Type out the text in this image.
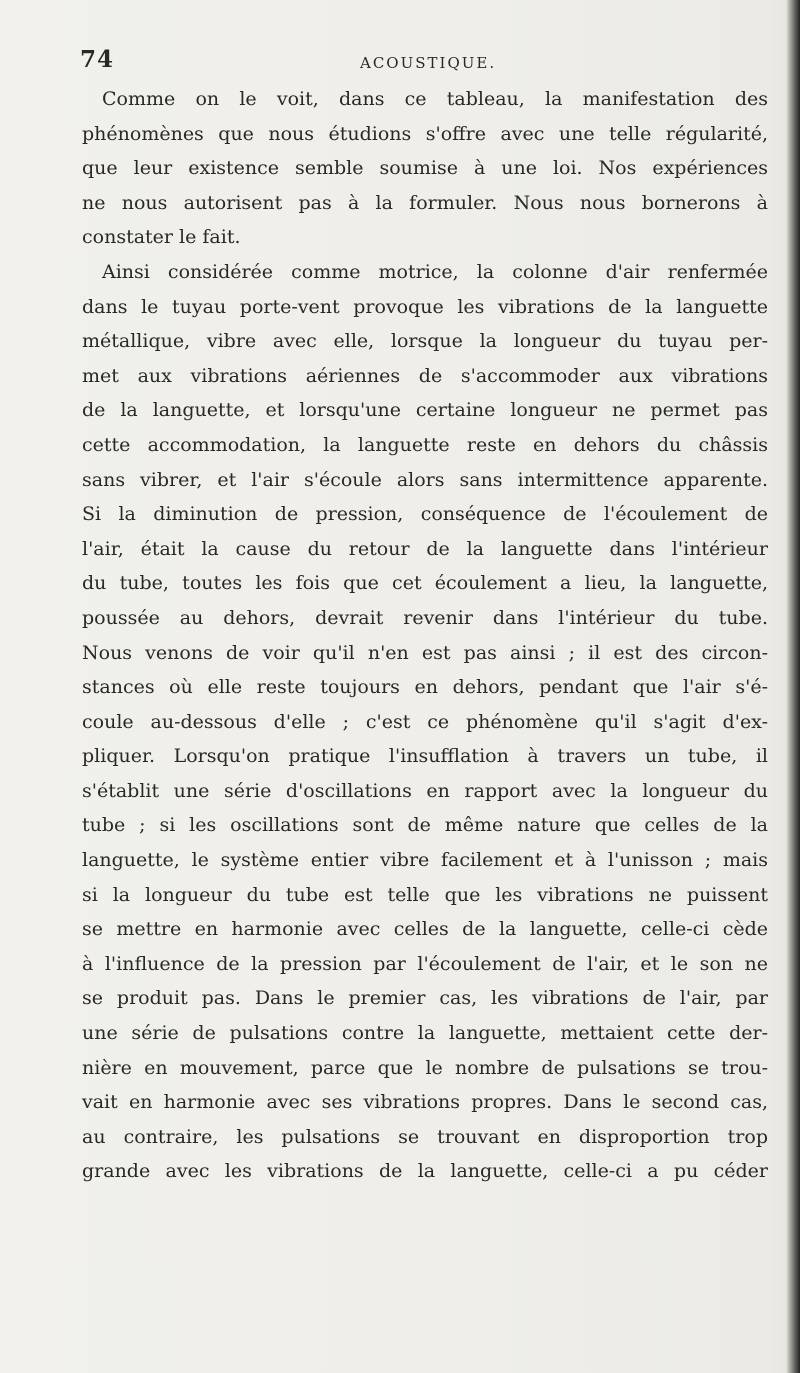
74	ACOUSTIQUE.
Comme on le voit, dans ce tableau, la manifestation des
phénomènes que nous étudions s'offre avec une telle régularité,
que leur existence semble soumise à une loi. Nos expériences
ne nous autorisent pas à la formuler. Nous nous bornerons à
constater le fait.
Ainsi considérée comme motrice, la colonne d'air renfermée
dans le tuyau porte-vent provoque les vibrations de la languette
métallique, vibre avec elle, lorsque la longueur du tuyau per-
met aux vibrations aériennes de s'accommoder aux vibrations
de la languette, et lorsqu'une certaine longueur ne permet pas
cette accommodation, la languette reste en dehors du châssis
sans vibrer, et l'air s'écoule alors sans intermittence apparente.
Si la diminution de pression, conséquence de l'écoulement de
l'air, était la cause du retour de la languette dans l'intérieur
du tube, toutes les fois que cet écoulement a lieu, la languette,
poussée au dehors, devrait revenir dans l'intérieur du tube.
Nous venons de voir qu'il n'en est pas ainsi ; il est des circon-
stances où elle reste toujours en dehors, pendant que l'air s'é-
coule au-dessous d'elle ; c'est ce phénomène qu'il s'agit d'ex-
pliquer. Lorsqu'on pratique l'insufflation à travers un tube, il
s'établit une série d'oscillations en rapport avec la longueur du
tube ; si les oscillations sont de même nature que celles de la
languette, le système entier vibre facilement et à l'unisson ; mais
si la longueur du tube est telle que les vibrations ne puissent
se mettre en harmonie avec celles de la languette, celle-ci cède
à l'influence de la pression par l'écoulement de l'air, et le son ne
se produit pas. Dans le premier cas, les vibrations de l'air, par
une série de pulsations contre la languette, mettaient cette der-
nière en mouvement, parce que le nombre de pulsations se trou-
vait en harmonie avec ses vibrations propres. Dans le second cas,
au contraire, les pulsations se trouvant en disproportion trop
grande avec les vibrations de la languette, celle-ci a pu céder
